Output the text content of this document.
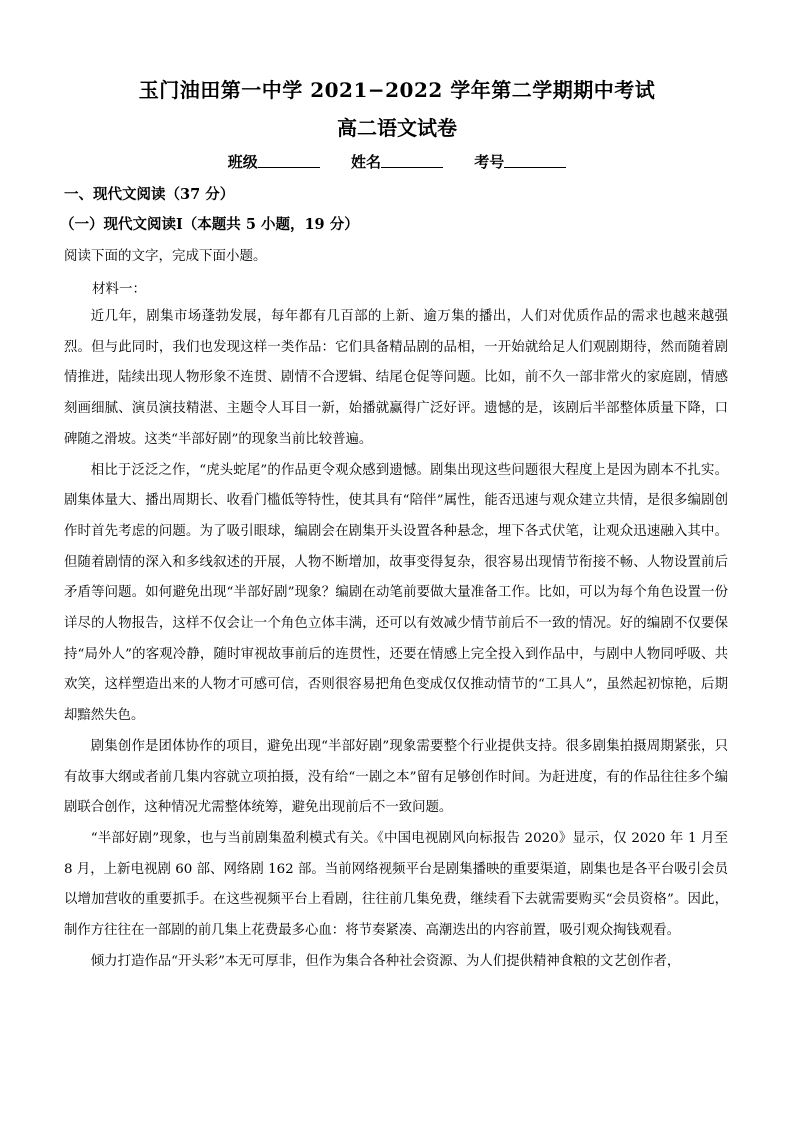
玉门油田第一中学 2021−2022 学年第二学期期中考试
高二语文试卷
班级	姓名	考号
一、现代文阅读（37 分）
（一）现代文阅读Ⅰ（本题共 5 小题，19 分）
阅读下面的文字，完成下面小题。
材料一：

近几年，剧集市场蓬勃发展，每年都有几百部的上新、逾万集的播出，人们对优质作品的需求也越来越强烈。但与此同时，我们也发现这样一类作品：它们具备精品剧的品相，一开始就给足人们观剧期待，然而随着剧情推进，陆续出现人物形象不连贯、剧情不合逻辑、结尾仓促等问题。比如，前不久一部非常火的家庭剧，情感刻画细腻、演员演技精湛、主题令人耳目一新，始播就赢得广泛好评。遗憾的是，该剧后半部整体质量下降，口碑随之滑坡。这类“半部好剧”的现象当前比较普遍。

相比于泛泛之作，“虎头蛇尾”的作品更令观众感到遗憾。剧集出现这些问题很大程度上是因为剧本不扎实。剧集体量大、播出周期长、收看门槛低等特性，使其具有“陪伴”属性，能否迅速与观众建立共情，是很多编剧创作时首先考虑的问题。为了吸引眼球，编剧会在剧集开头设置各种悬念，埋下各式伏笔，让观众迅速融入其中。但随着剧情的深入和多线叙述的开展，人物不断增加，故事变得复杂，很容易出现情节衔接不畅、人物设置前后矛盾等问题。如何避免出现“半部好剧”现象？编剧在动笔前要做大量准备工作。比如，可以为每个角色设置一份详尽的人物报告，这样不仅会让一个角色立体丰满，还可以有效减少情节前后不一致的情况。好的编剧不仅要保持“局外人”的客观冷静，随时审视故事前后的连贯性，还要在情感上完全投入到作品中，与剧中人物同呼吸、共欢笑，这样塑造出来的人物才可感可信，否则很容易把角色变成仅仅推动情节的“工具人”，虽然起初惊艳，后期却黯然失色。

剧集创作是团体协作的项目，避免出现“半部好剧”现象需要整个行业提供支持。很多剧集拍摄周期紧张，只有故事大纲或者前几集内容就立项拍摄，没有给“一剧之本”留有足够创作时间。为赶进度，有的作品往往多个编剧联合创作，这种情况尤需整体统筹，避免出现前后不一致问题。

“半部好剧”现象，也与当前剧集盈利模式有关。《中国电视剧风向标报告 2020》显示，仅 2020 年 1 月至 8 月，上新电视剧 60 部、网络剧 162 部。当前网络视频平台是剧集播映的重要渠道，剧集也是各平台吸引会员以增加营收的重要抓手。在这些视频平台上看剧，往往前几集免费，继续看下去就需要购买“会员资格”。因此，制作方往往在一部剧的前几集上花费最多心血：将节奏紧凑、高潮迭出的内容前置，吸引观众掏钱观看。

倾力打造作品“开头彩”本无可厚非，但作为集合各种社会资源、为人们提供精神食粮的文艺创作者，
